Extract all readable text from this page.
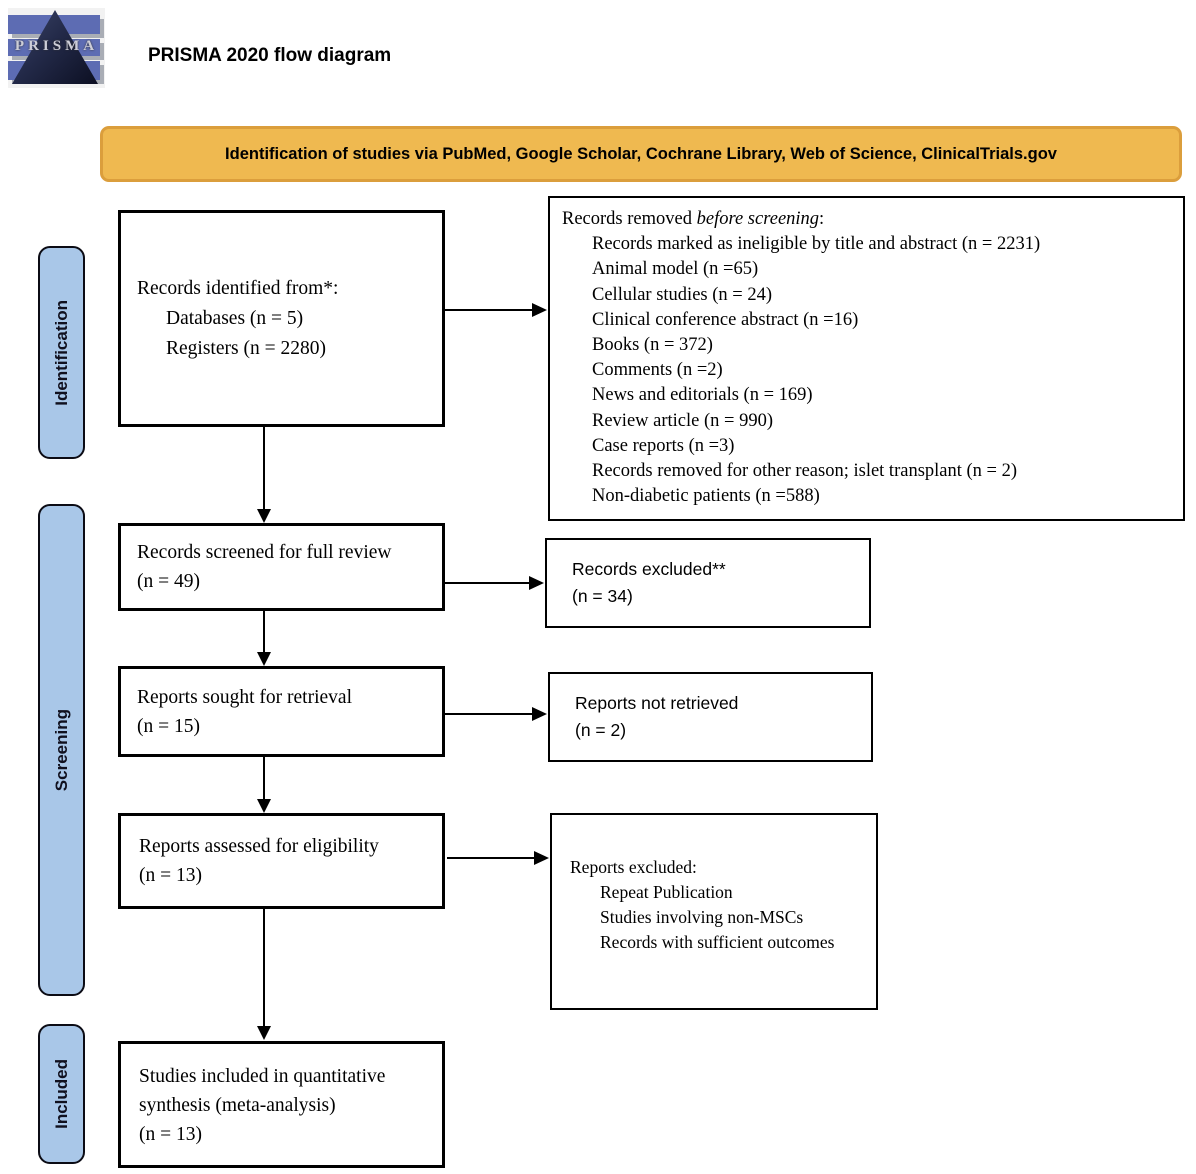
PRISMA	PRISMA 2020 flow diagram
Identification of studies via PubMed, Google Scholar, Cochrane Library, Web of Science, ClinicalTrials.gov
Identification
Screening
Included
Records identified from*:
Databases (n = 5)
Registers (n = 2280)
Records removed before screening:
Records marked as ineligible by title and abstract (n = 2231)
Animal model (n =65)
Cellular studies (n = 24)
Clinical conference abstract (n =16)
Books (n = 372)
Comments (n =2)
News and editorials (n = 169)
Review article (n = 990)
Case reports (n =3)
Records removed for other reason; islet transplant (n = 2)
Non-diabetic patients (n =588)
Records screened for full review
(n = 49)
Records excluded**
(n = 34)
Reports sought for retrieval
(n = 15)
Reports not retrieved
(n = 2)
Reports assessed for eligibility
(n = 13)	Reports excluded:
Repeat Publication
Studies involving non-MSCs
Records with sufficient outcomes
Studies included in quantitative synthesis (meta-analysis)
(n = 13)
